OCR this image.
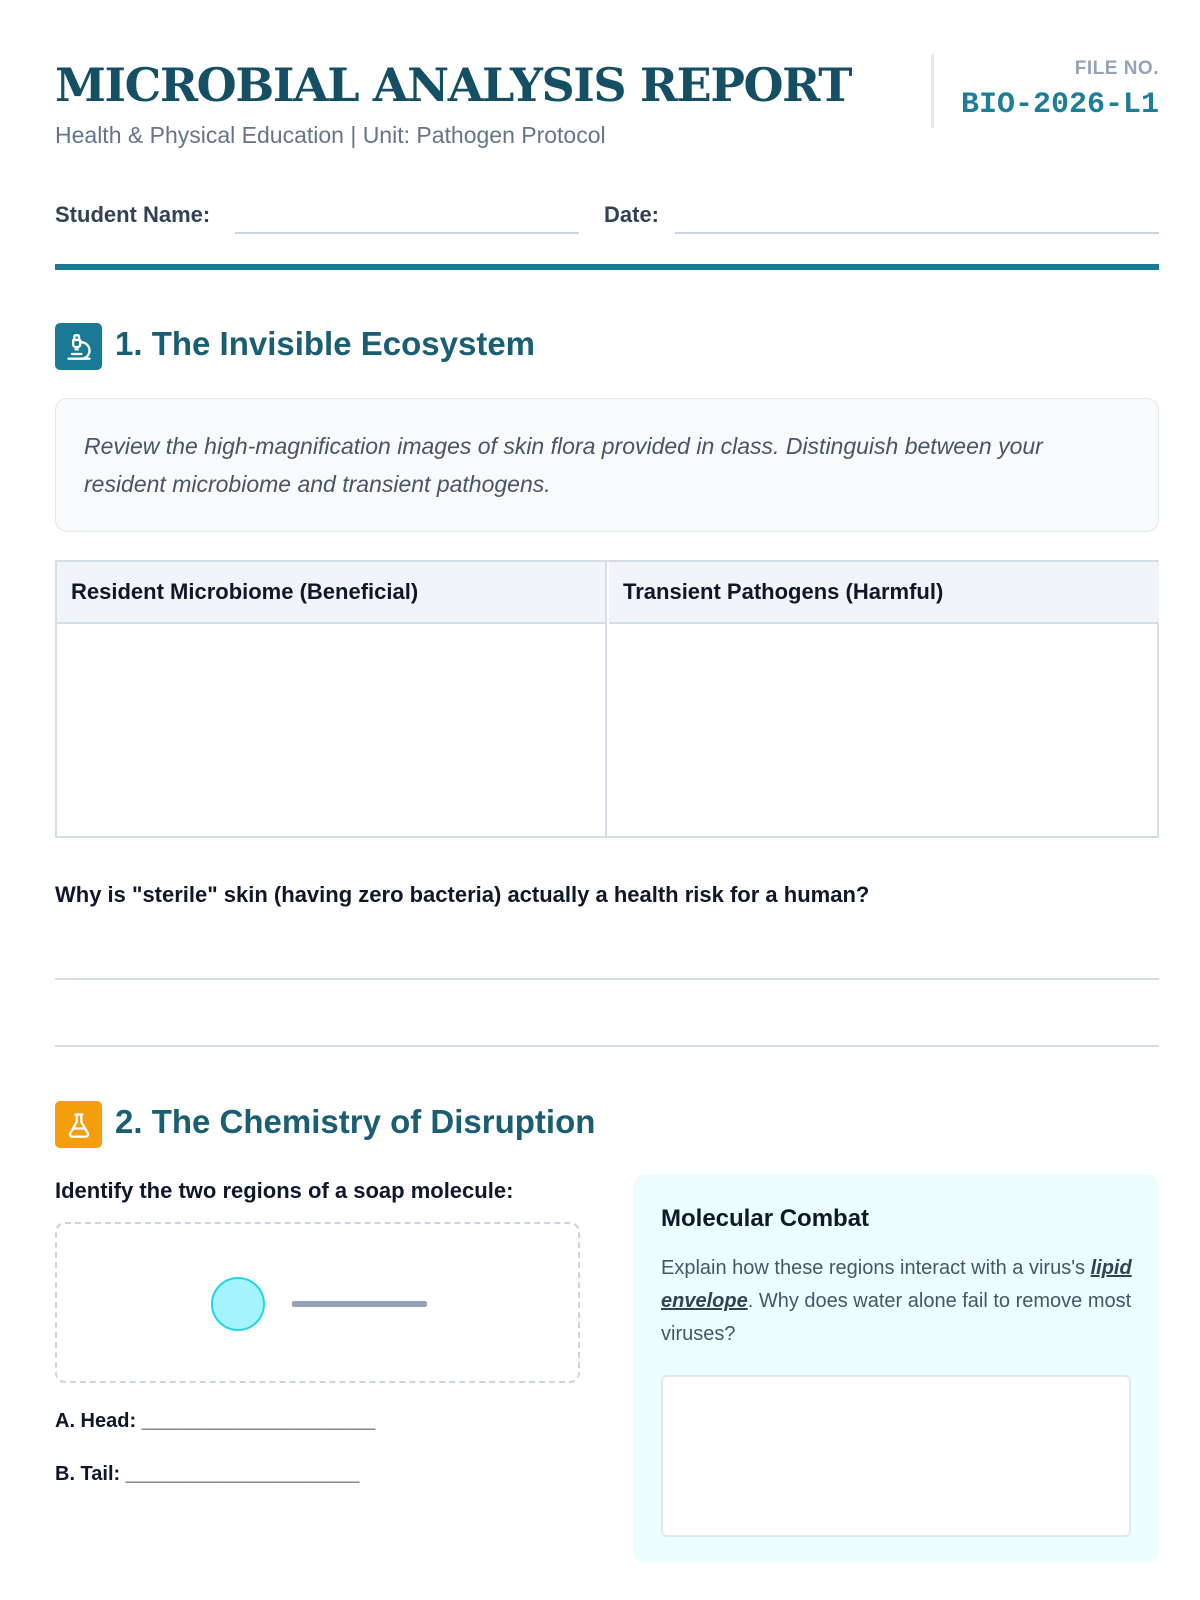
MICROBIAL ANALYSIS REPORT
Health & Physical Education | Unit: Pathogen Protocol
FILE NO.
BIO-2026-L1
Student Name:	Date:
1. The Invisible Ecosystem

Review the high-magnification images of skin flora provided in class. Distinguish between your resident microbiome and transient pathogens.

Resident Microbiome (Beneficial)	Transient Pathogens (Harmful)
Why is "sterile" skin (having zero bacteria) actually a health risk for a human?
2. The Chemistry of Disruption
Identify the two regions of a soap molecule:
A. Head: _____________________
B. Tail: _____________________
Molecular Combat
Explain how these regions interact with a virus's lipid envelope. Why does water alone fail to remove most viruses?
